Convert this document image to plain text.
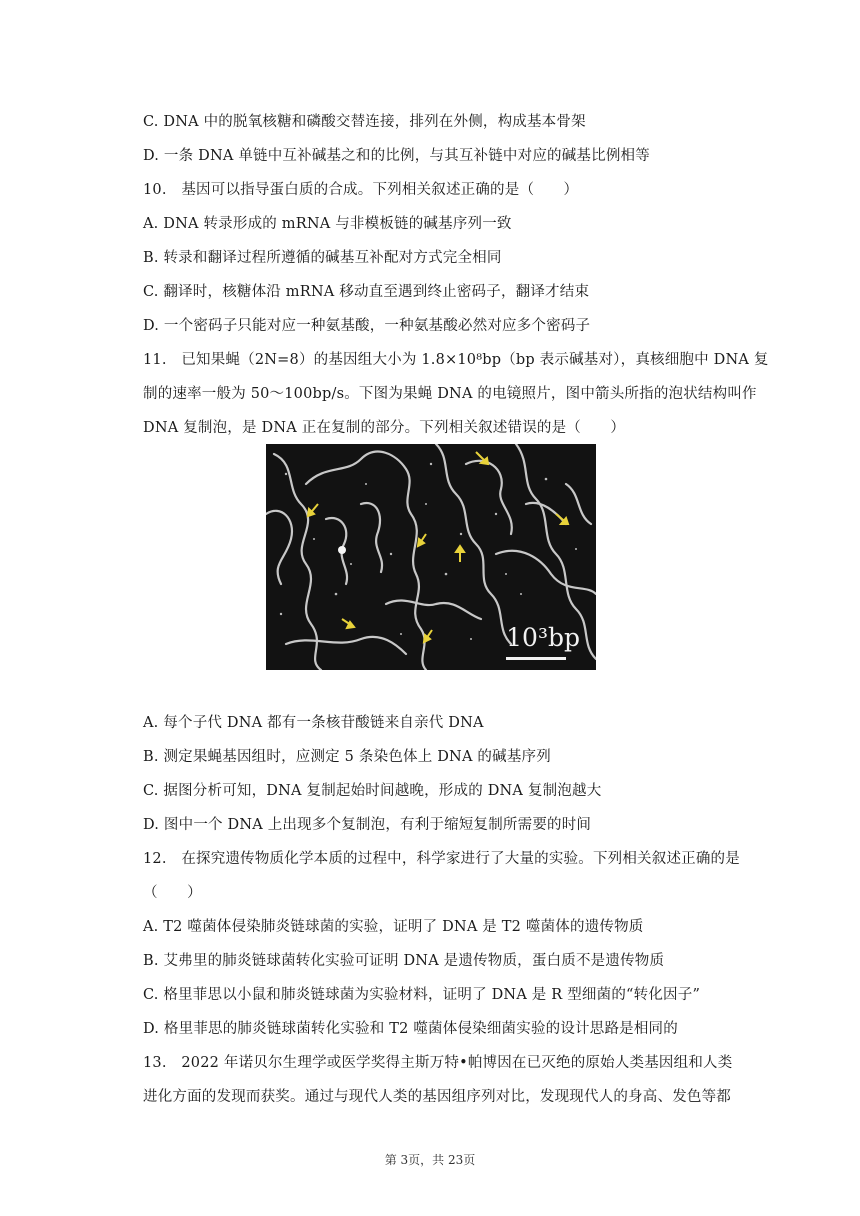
C. DNA 中的脱氧核糖和磷酸交替连接，排列在外侧，构成基本骨架
D. 一条 DNA 单链中互补碱基之和的比例，与其互补链中对应的碱基比例相等
10.　基因可以指导蛋白质的合成。下列相关叙述正确的是（　　）
A. DNA 转录形成的 mRNA 与非模板链的碱基序列一致
B. 转录和翻译过程所遵循的碱基互补配对方式完全相同
C. 翻译时，核糖体沿 mRNA 移动直至遇到终止密码子，翻译才结束
D. 一个密码子只能对应一种氨基酸，一种氨基酸必然对应多个密码子
11.　已知果蝇（2N=8）的基因组大小为 1.8×10⁸bp（bp 表示碱基对），真核细胞中 DNA 复
制的速率一般为 50～100bp/s。下图为果蝇 DNA 的电镜照片，图中箭头所指的泡状结构叫作
DNA 复制泡，是 DNA 正在复制的部分。下列相关叙述错误的是（　　）
10³bp
A. 每个子代 DNA 都有一条核苷酸链来自亲代 DNA
B. 测定果蝇基因组时，应测定 5 条染色体上 DNA 的碱基序列
C. 据图分析可知，DNA 复制起始时间越晚，形成的 DNA 复制泡越大
D. 图中一个 DNA 上出现多个复制泡，有利于缩短复制所需要的时间
12.　在探究遗传物质化学本质的过程中，科学家进行了大量的实验。下列相关叙述正确的是
（　　）
A. T2 噬菌体侵染肺炎链球菌的实验，证明了 DNA 是 T2 噬菌体的遗传物质
B. 艾弗里的肺炎链球菌转化实验可证明 DNA 是遗传物质，蛋白质不是遗传物质
C. 格里菲思以小鼠和肺炎链球菌为实验材料，证明了 DNA 是 R 型细菌的“转化因子”
D. 格里菲思的肺炎链球菌转化实验和 T2 噬菌体侵染细菌实验的设计思路是相同的
13.　2022 年诺贝尔生理学或医学奖得主斯万特•帕博因在已灭绝的原始人类基因组和人类
进化方面的发现而获奖。通过与现代人类的基因组序列对比，发现现代人的身高、发色等都
第 3页，共 23页
